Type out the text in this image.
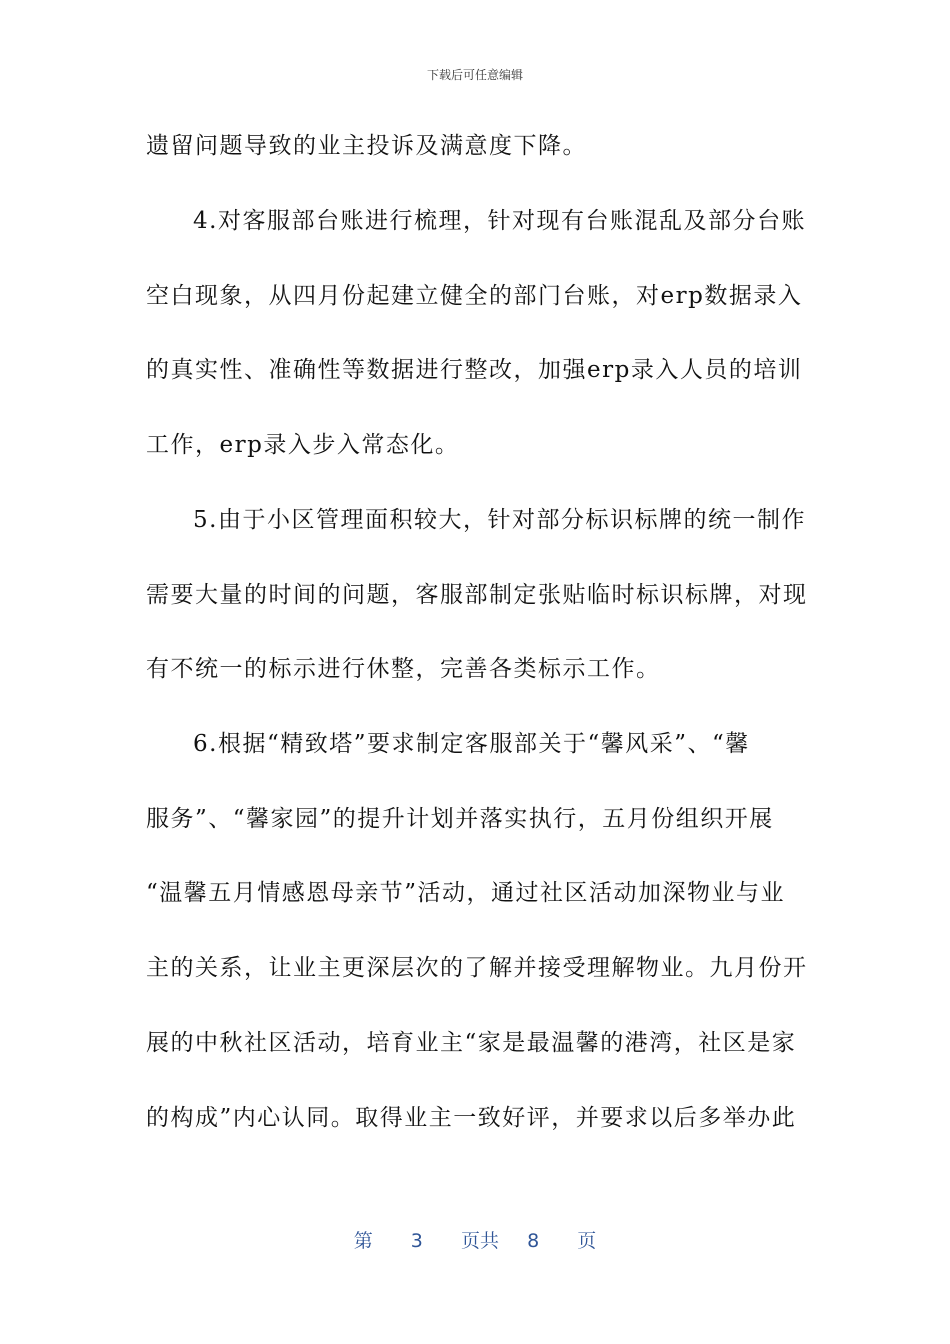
下载后可任意编辑
遗留问题导致的业主投诉及满意度下降。
4.对客服部台账进行梳理，针对现有台账混乱及部分台账
空白现象，从四月份起建立健全的部门台账，对erp数据录入
的真实性、准确性等数据进行整改，加强erp录入人员的培训
工作，erp录入步入常态化。
5.由于小区管理面积较大，针对部分标识标牌的统一制作
需要大量的时间的问题，客服部制定张贴临时标识标牌，对现
有不统一的标示进行休整，完善各类标示工作。
6.根据“精致塔”要求制定客服部关于“馨风采”、“馨
服务”、“馨家园”的提升计划并落实执行，五月份组织开展
“温馨五月情感恩母亲节”活动，通过社区活动加深物业与业
主的关系，让业主更深层次的了解并接受理解物业。九月份开
展的中秋社区活动，培育业主“家是最温馨的港湾，社区是家
的构成”内心认同。取得业主一致好评，并要求以后多举办此
第 3 页共 8 页
